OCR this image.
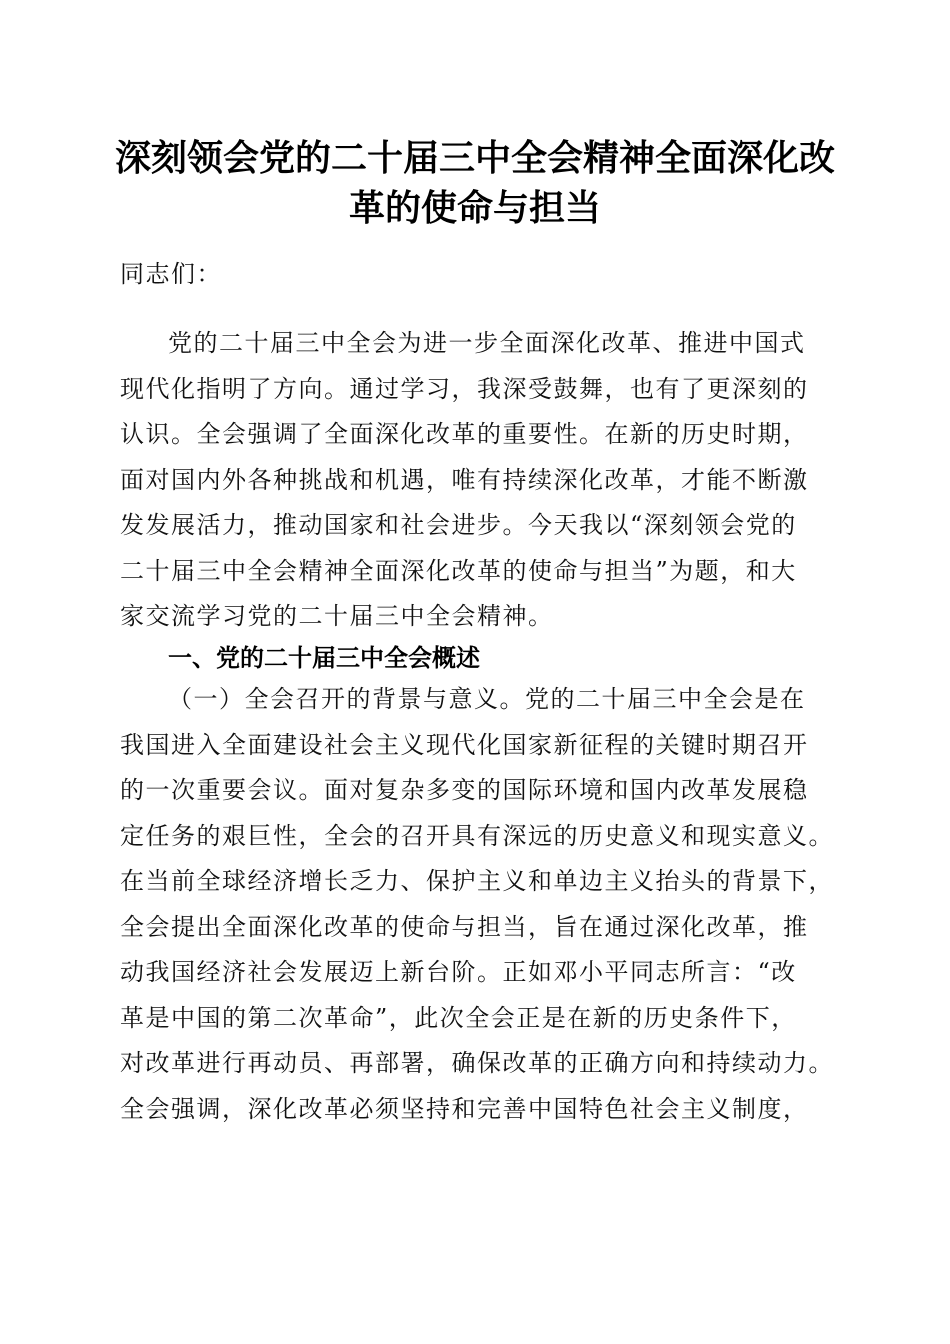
深刻领会党的二十届三中全会精神全面深化改
革的使命与担当

同志们：

党的二十届三中全会为进一步全面深化改革、推进中国式
现代化指明了方向。通过学习，我深受鼓舞，也有了更深刻的
认识。全会强调了全面深化改革的重要性。在新的历史时期，
面对国内外各种挑战和机遇，唯有持续深化改革，才能不断激
发发展活力，推动国家和社会进步。今天我以“深刻领会党的
二十届三中全会精神全面深化改革的使命与担当”为题，和大
家交流学习党的二十届三中全会精神。
一、党的二十届三中全会概述
（一）全会召开的背景与意义。党的二十届三中全会是在
我国进入全面建设社会主义现代化国家新征程的关键时期召开
的一次重要会议。面对复杂多变的国际环境和国内改革发展稳
定任务的艰巨性，全会的召开具有深远的历史意义和现实意义。
在当前全球经济增长乏力、保护主义和单边主义抬头的背景下，
全会提出全面深化改革的使命与担当，旨在通过深化改革，推
动我国经济社会发展迈上新台阶。正如邓小平同志所言：“改
革是中国的第二次革命”，此次全会正是在新的历史条件下，
对改革进行再动员、再部署，确保改革的正确方向和持续动力。
全会强调，深化改革必须坚持和完善中国特色社会主义制度，
